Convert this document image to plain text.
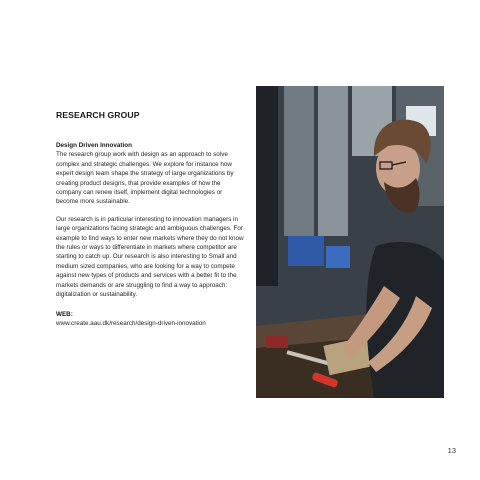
RESEARCH GROUP

Design Driven Innovation

The research group work with design as an approach to solve complex and strategic challenges. We explore for instance how expert design team shape the strategy of large organizations by creating product designs, that provide examples of how the company can renew itself, implement digital technologies or become more sustainable.

Our research is in particular interesting to innovation managers in large organizations facing strategic and ambiguous challenges. For example to find ways to enter new markets where they do not know the rules or ways to differentiate in markets where competitor are starting to catch up. Our research is also interesting to Small and medium sized companies, who are looking for a way to compete against new types of products and services with a better fit to the markets demands or are struggling to find a way to approach: digitalization or sustainability.

WEB:

www.create.aau.dk/research/design-driven-innovation
13
